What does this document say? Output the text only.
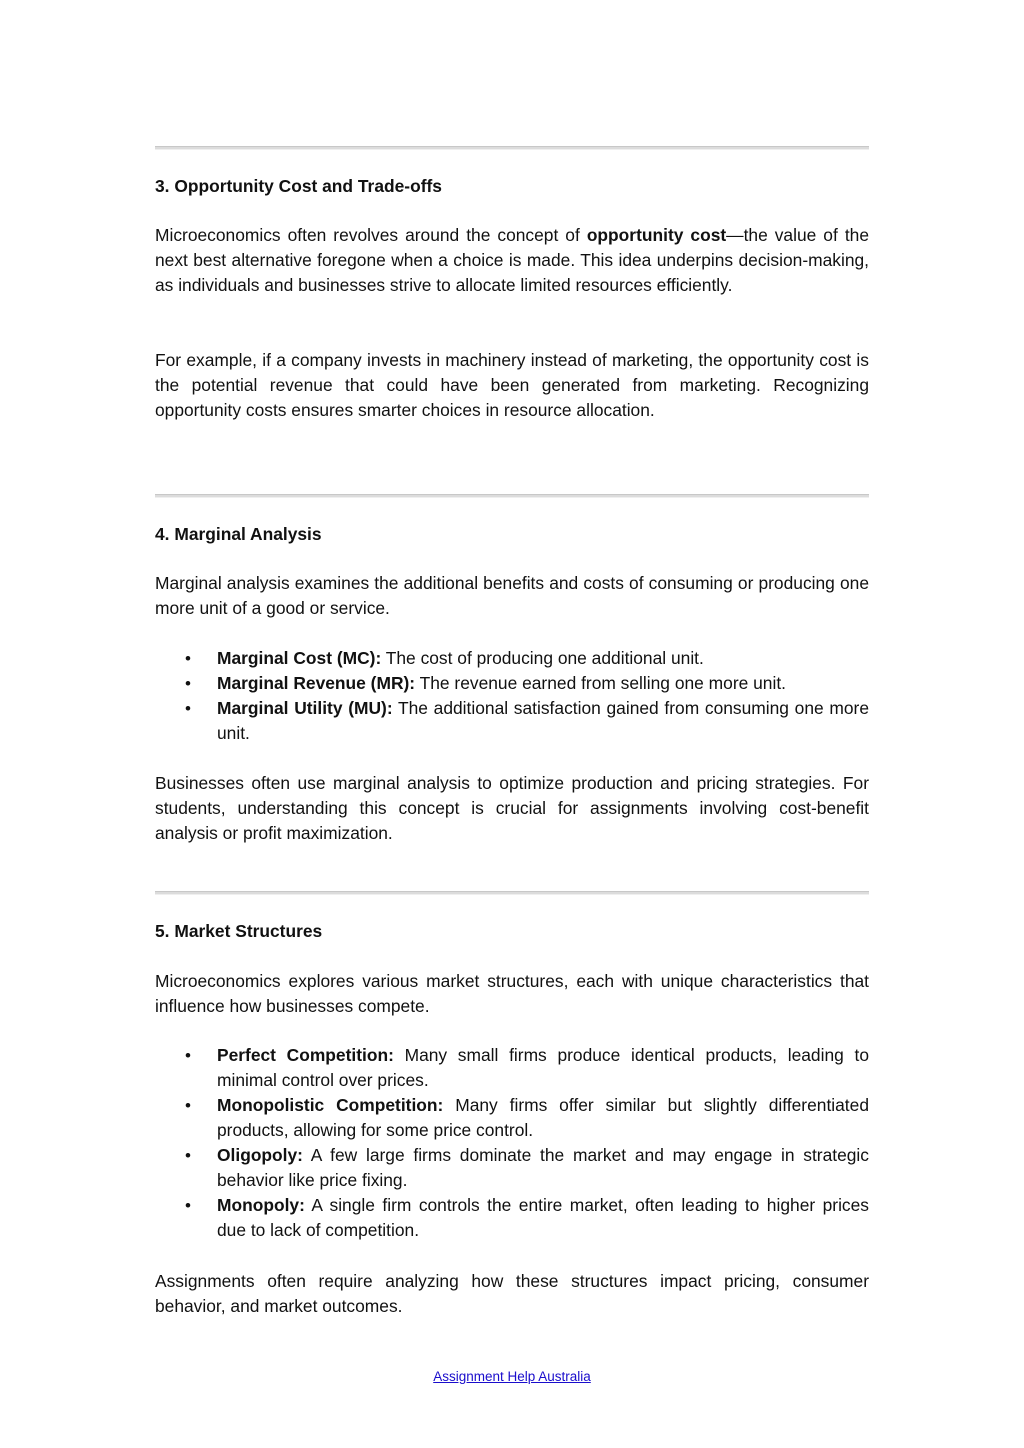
3. Opportunity Cost and Trade-offs

Microeconomics often revolves around the concept of opportunity cost—the value of the next best alternative foregone when a choice is made. This idea underpins decision-making, as individuals and businesses strive to allocate limited resources efficiently.

For example, if a company invests in machinery instead of marketing, the opportunity cost is the potential revenue that could have been generated from marketing. Recognizing opportunity costs ensures smarter choices in resource allocation.

4. Marginal Analysis

Marginal analysis examines the additional benefits and costs of consuming or producing one more unit of a good or service.

• Marginal Cost (MC): The cost of producing one additional unit.
• Marginal Revenue (MR): The revenue earned from selling one more unit.
• Marginal Utility (MU): The additional satisfaction gained from consuming one more unit.

Businesses often use marginal analysis to optimize production and pricing strategies. For students, understanding this concept is crucial for assignments involving cost-benefit analysis or profit maximization.

5. Market Structures

Microeconomics explores various market structures, each with unique characteristics that influence how businesses compete.

• Perfect Competition: Many small firms produce identical products, leading to minimal control over prices.
• Monopolistic Competition: Many firms offer similar but slightly differentiated products, allowing for some price control.
• Oligopoly: A few large firms dominate the market and may engage in strategic behavior like price fixing.
• Monopoly: A single firm controls the entire market, often leading to higher prices due to lack of competition.

Assignments often require analyzing how these structures impact pricing, consumer behavior, and market outcomes.

Assignment Help Australia
